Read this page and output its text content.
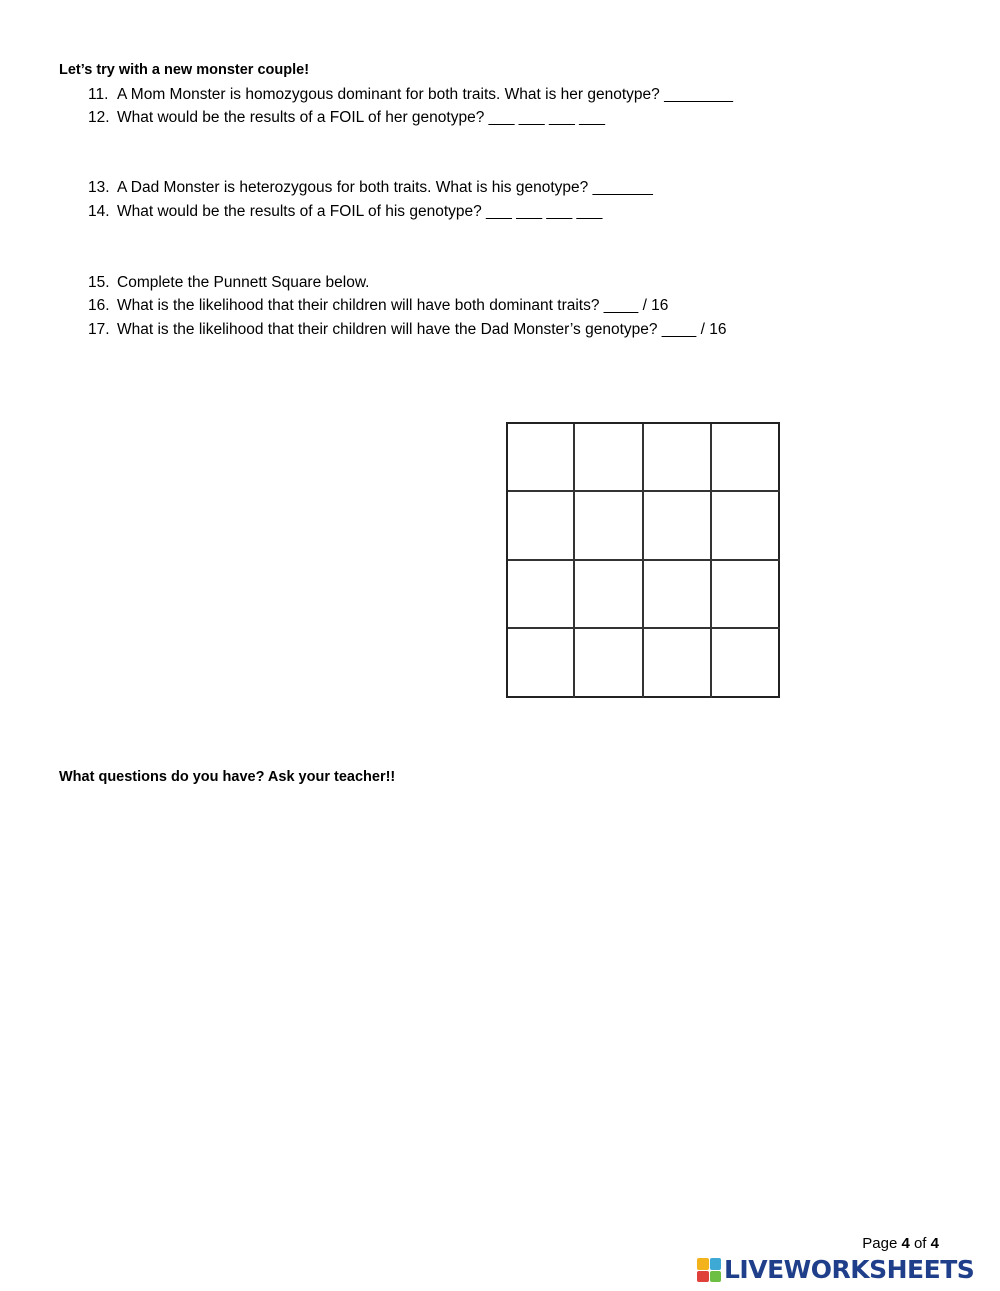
Let’s try with a new monster couple!
11. A Mom Monster is homozygous dominant for both traits. What is her genotype? ________
12. What would be the results of a FOIL of her genotype? ___ ___ ___ ___
13. A Dad Monster is heterozygous for both traits. What is his genotype? _______
14. What would be the results of a FOIL of his genotype? ___ ___ ___ ___
15. Complete the Punnett Square below.
16. What is the likelihood that their children will have both dominant traits? ____ / 16
17. What is the likelihood that their children will have the Dad Monster’s genotype? ____ / 16
What questions do you have? Ask your teacher!!
Page 4 of 4
LIVEWORKSHEETS
